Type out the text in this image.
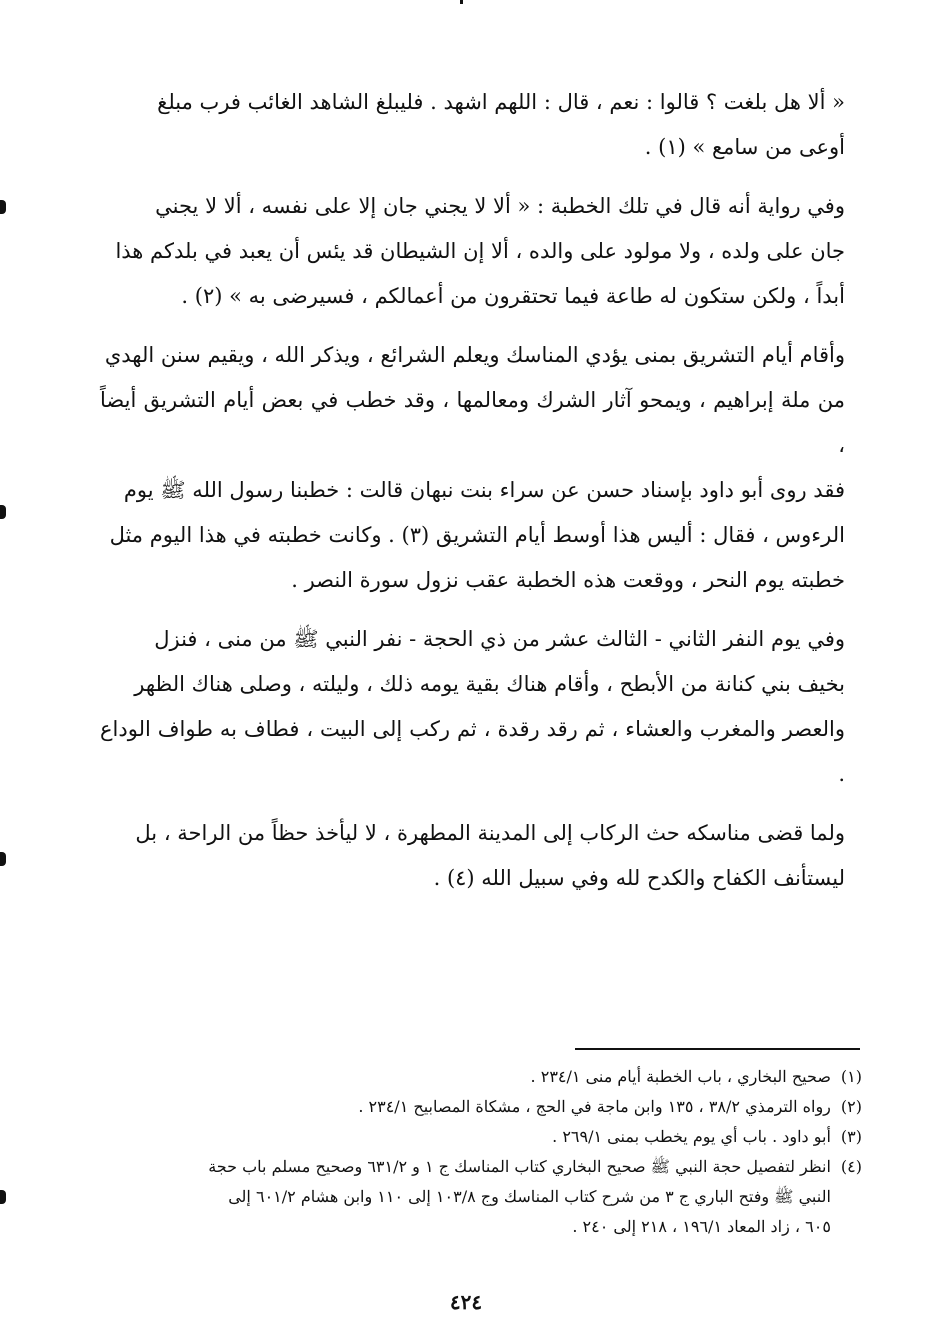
« ألا هل بلغت ؟ قالوا : نعم ، قال : اللهم اشهد . فليبلغ الشاهد الغائب فرب مبلغ

أوعى من سامع » (١) .

وفي رواية أنه قال في تلك الخطبة : « ألا لا يجني جان إلا على نفسه ، ألا لا يجني

جان على ولده ، ولا مولود على والده ، ألا إن الشيطان قد يئس أن يعبد في بلدكم هذا

أبداً ، ولكن ستكون له طاعة فيما تحتقرون من أعمالكم ، فسيرضى به » (٢) .

وأقام أيام التشريق بمنى يؤدي المناسك ويعلم الشرائع ، ويذكر الله ، ويقيم سنن الهدي

من ملة إبراهيم ، ويمحو آثار الشرك ومعالمها ، وقد خطب في بعض أيام التشريق أيضاً ،

فقد روى أبو داود بإسناد حسن عن سراء بنت نبهان قالت : خطبنا رسول الله ﷺ يوم

الرءوس ، فقال : أليس هذا أوسط أيام التشريق (٣) . وكانت خطبته في هذا اليوم مثل

خطبته يوم النحر ، ووقعت هذه الخطبة عقب نزول سورة النصر .

وفي يوم النفر الثاني - الثالث عشر من ذي الحجة - نفر النبي ﷺ من منى ، فنزل

بخيف بني كنانة من الأبطح ، وأقام هناك بقية يومه ذلك ، وليلته ، وصلى هناك الظهر

والعصر والمغرب والعشاء ، ثم رقد رقدة ، ثم ركب إلى البيت ، فطاف به طواف الوداع .

ولما قضى مناسكه حث الركاب إلى المدينة المطهرة ، لا ليأخذ حظاً من الراحة ، بل

ليستأنف الكفاح والكدح لله وفي سبيل الله (٤) .

(١)
صحيح البخاري ، باب الخطبة أيام منى ٢٣٤/١ .
(٢)
رواه الترمذي ٣٨/٢ ، ١٣٥ وابن ماجة في الحج ، مشكاة المصابيح ٢٣٤/١ .
(٣)
أبو داود . باب أي يوم يخطب بمنى ٢٦٩/١ .
(٤)
انظر لتفصيل حجة النبي ﷺ صحيح البخاري كتاب المناسك ج ١ و ٦٣١/٢ وصحيح مسلم باب حجة
النبي ﷺ وفتح الباري ج ٣ من شرح كتاب المناسك وج ١٠٣/٨ إلى ١١٠ وابن هشام ٦٠١/٢ إلى
٦٠٥ ، زاد المعاد ١٩٦/١ ، ٢١٨ إلى ٢٤٠ .
٤٢٤
